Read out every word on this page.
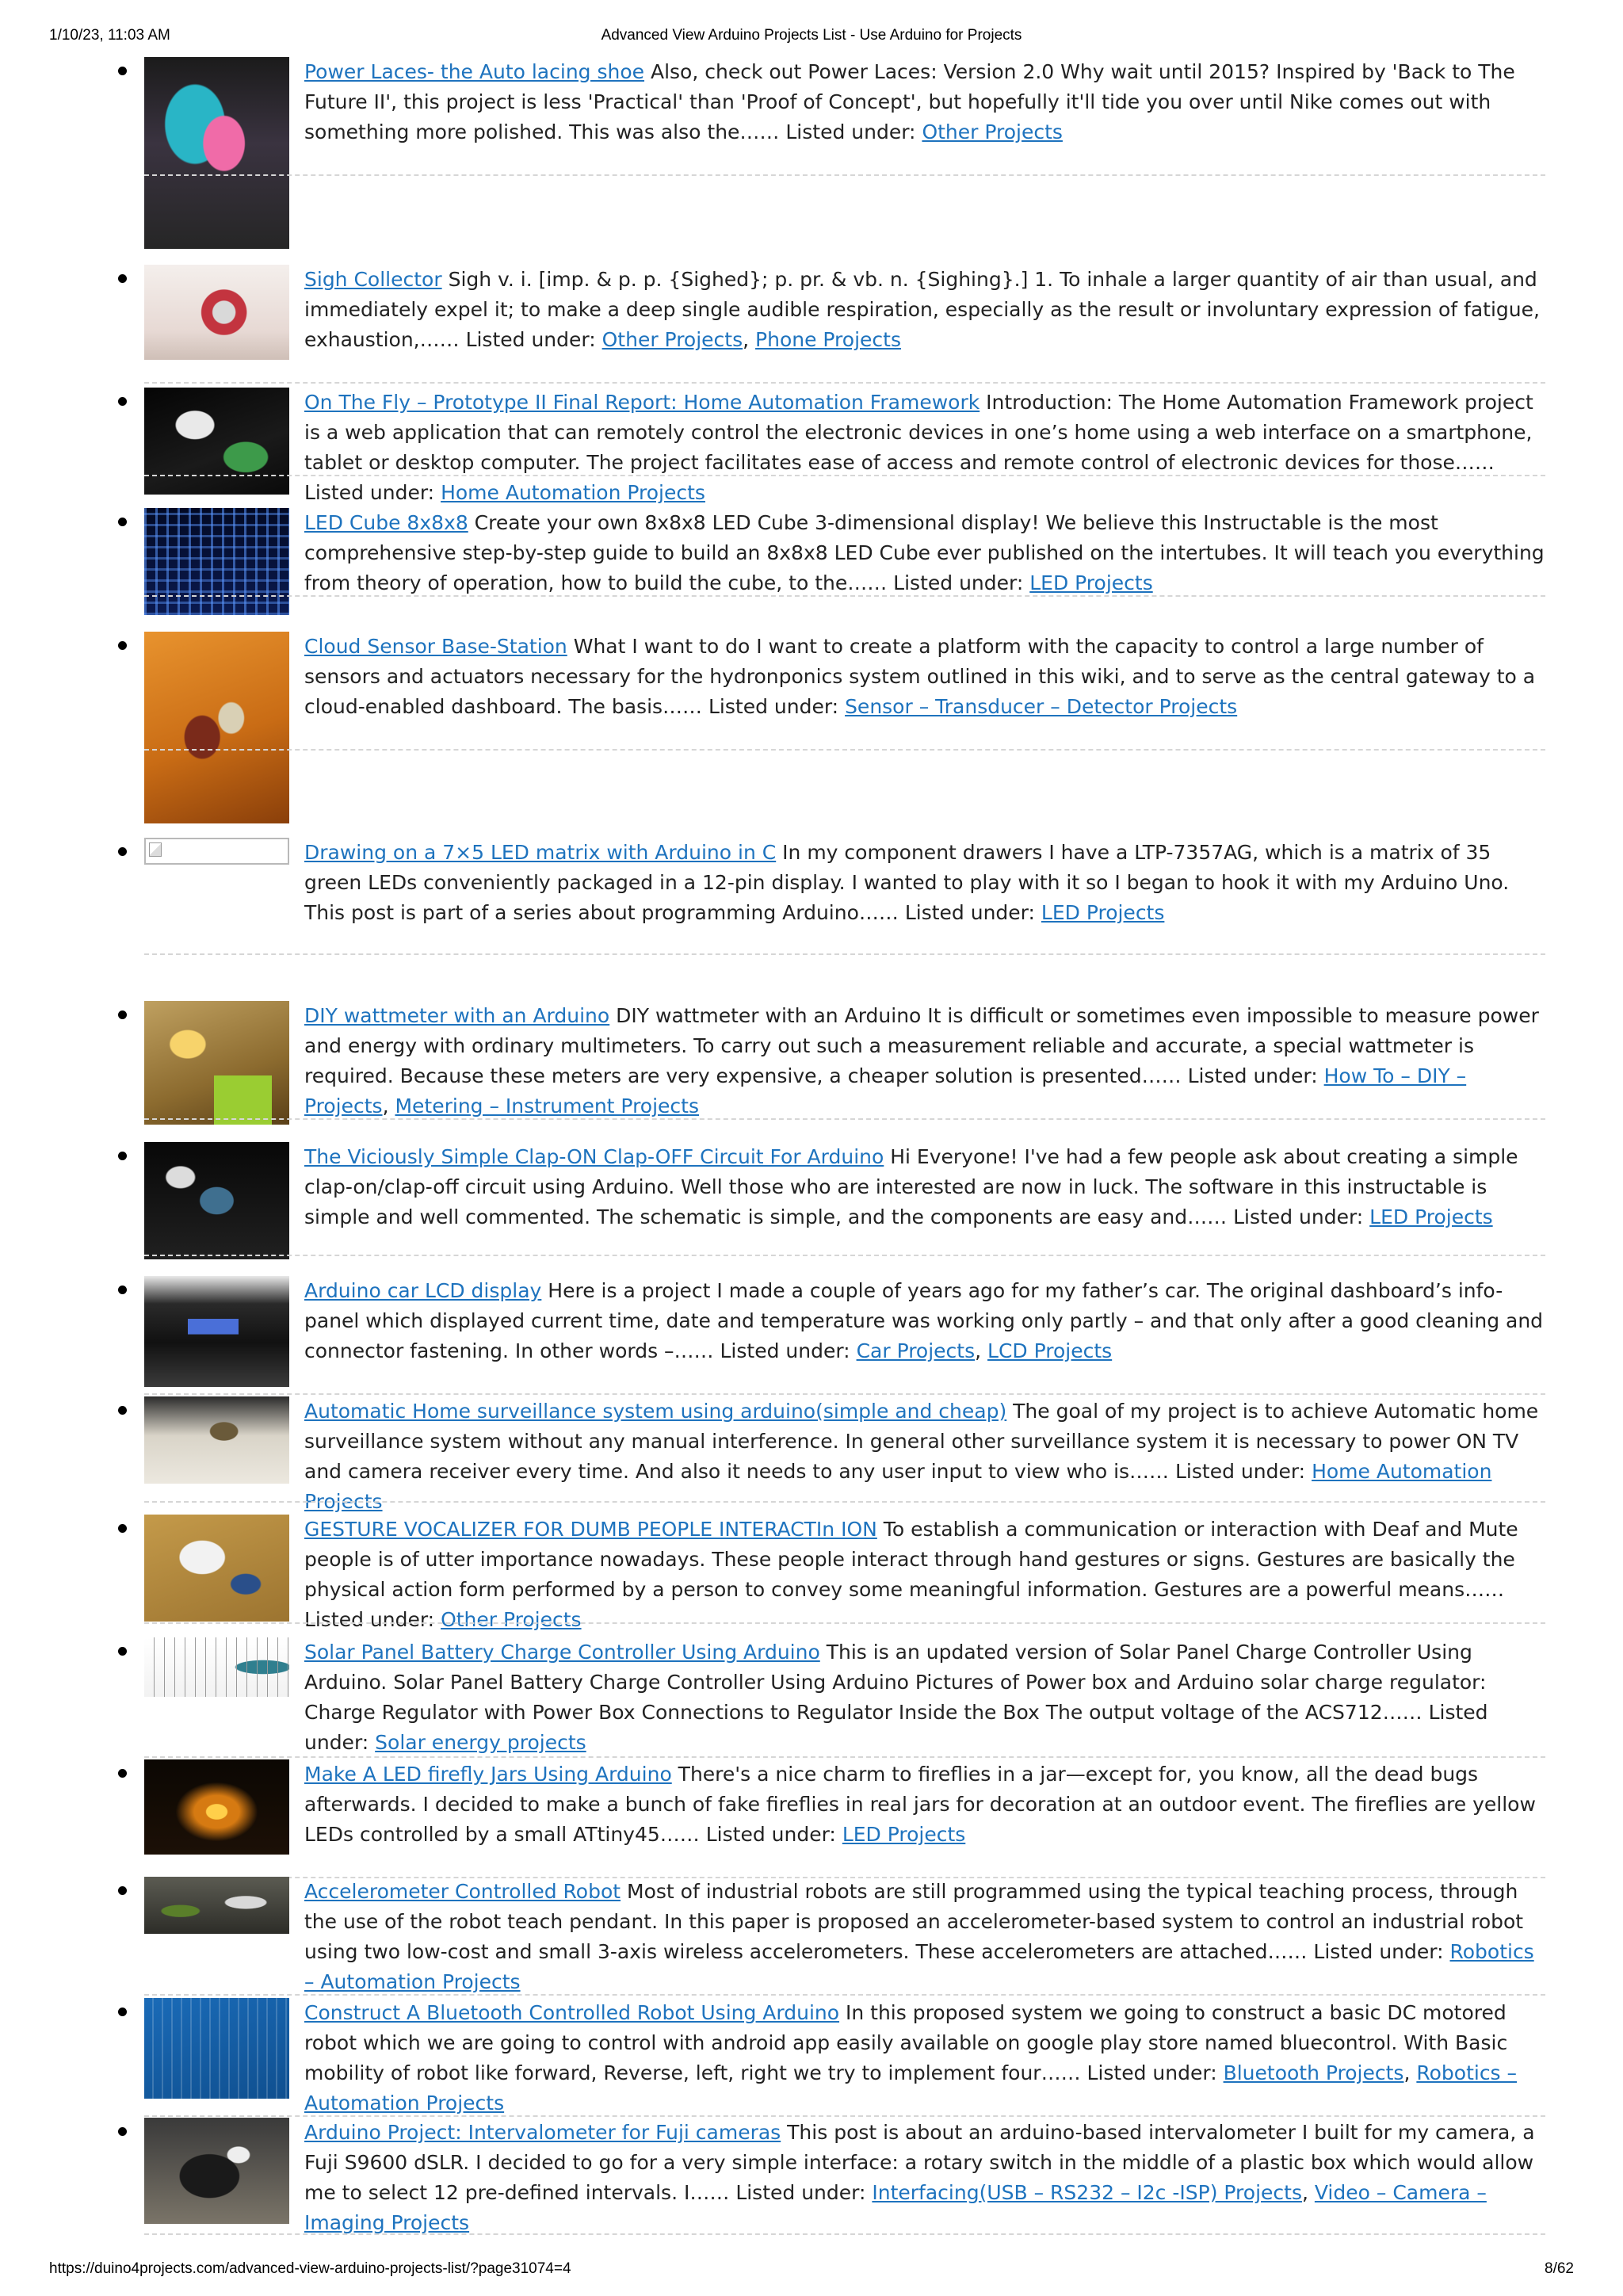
1/10/23, 11:03 AM	Advanced View Arduino Projects List - Use Arduino for Projects
Power Laces- the Auto lacing shoe Also, check out Power Laces: Version 2.0 Why wait until 2015? Inspired by 'Back to The Future II', this project is less 'Practical' than 'Proof of Concept', but hopefully it'll tide you over until Nike comes out with something more polished. This was also the…… Listed under: Other Projects
Sigh Collector Sigh v. i. [imp. & p. p. {Sighed}; p. pr. & vb. n. {Sighing}.] 1. To inhale a larger quantity of air than usual, and immediately expel it; to make a deep single audible respiration, especially as the result or involuntary expression of fatigue, exhaustion,…… Listed under: Other Projects, Phone Projects
On The Fly – Prototype II Final Report: Home Automation Framework Introduction: The Home Automation Framework project is a web application that can remotely control the electronic devices in one’s home using a web interface on a smartphone, tablet or desktop computer. The project facilitates ease of access and remote control of electronic devices for those…… Listed under: Home Automation Projects
LED Cube 8x8x8 Create your own 8x8x8 LED Cube 3-dimensional display! We believe this Instructable is the most comprehensive step-by-step guide to build an 8x8x8 LED Cube ever published on the intertubes. It will teach you everything from theory of operation, how to build the cube, to the…… Listed under: LED Projects
Cloud Sensor Base-Station What I want to do I want to create a platform with the capacity to control a large number of sensors and actuators necessary for the hydronponics system outlined in this wiki, and to serve as the central gateway to a cloud-enabled dashboard. The basis…… Listed under: Sensor – Transducer – Detector Projects
Drawing on a 7×5 LED matrix with Arduino in C In my component drawers I have a LTP-7357AG, which is a matrix of 35 green LEDs conveniently packaged in a 12-pin display. I wanted to play with it so I began to hook it with my Arduino Uno. This post is part of a series about programming Arduino…… Listed under: LED Projects
DIY wattmeter with an Arduino DIY wattmeter with an Arduino It is difficult or sometimes even impossible to measure power and energy with ordinary multimeters. To carry out such a measurement reliable and accurate, a special wattmeter is required. Because these meters are very expensive, a cheaper solution is presented…… Listed under: How To – DIY – Projects, Metering – Instrument Projects
The Viciously Simple Clap-ON Clap-OFF Circuit For Arduino Hi Everyone! I've had a few people ask about creating a simple clap-on/clap-off circuit using Arduino. Well those who are interested are now in luck. The software in this instructable is simple and well commented. The schematic is simple, and the components are easy and…… Listed under: LED Projects
Arduino car LCD display Here is a project I made a couple of years ago for my father’s car. The original dashboard’s info-panel which displayed current time, date and temperature was working only partly – and that only after a good cleaning and connector fastening. In other words –…… Listed under: Car Projects, LCD Projects
Automatic Home surveillance system using arduino(simple and cheap) The goal of my project is to achieve Automatic home surveillance system without any manual interference. In general other surveillance system it is necessary to power ON TV and camera receiver every time. And also it needs to any user input to view who is…… Listed under: Home Automation Projects
GESTURE VOCALIZER FOR DUMB PEOPLE INTERACTIn ION To establish a communication or interaction with Deaf and Mute people is of utter importance nowadays. These people interact through hand gestures or signs. Gestures are basically the physical action form performed by a person to convey some meaningful information. Gestures are a powerful means…… Listed under: Other Projects
Solar Panel Battery Charge Controller Using Arduino This is an updated version of Solar Panel Charge Controller Using Arduino. Solar Panel Battery Charge Controller Using Arduino Pictures of Power box and Arduino solar charge regulator: Charge Regulator with Power Box Connections to Regulator Inside the Box The output voltage of the ACS712…… Listed under: Solar energy projects
Make A LED firefly Jars Using Arduino There's a nice charm to fireflies in a jar—except for, you know, all the dead bugs afterwards. I decided to make a bunch of fake fireflies in real jars for decoration at an outdoor event. The fireflies are yellow LEDs controlled by a small ATtiny45…… Listed under: LED Projects
Accelerometer Controlled Robot Most of industrial robots are still programmed using the typical teaching process, through the use of the robot teach pendant. In this paper is proposed an accelerometer-based system to control an industrial robot using two low-cost and small 3-axis wireless accelerometers. These accelerometers are attached…… Listed under: Robotics – Automation Projects
Construct A Bluetooth Controlled Robot Using Arduino In this proposed system we going to construct a basic DC motored robot which we are going to control with android app easily available on google play store named bluecontrol. With Basic mobility of robot like forward, Reverse, left, right we try to implement four…… Listed under: Bluetooth Projects, Robotics – Automation Projects
Arduino Project: Intervalometer for Fuji cameras This post is about an arduino-based intervalometer I built for my camera, a Fuji S9600 dSLR. I decided to go for a very simple interface: a rotary switch in the middle of a plastic box which would allow me to select 12 pre-defined intervals. I…… Listed under: Interfacing(USB – RS232 – I2c -ISP) Projects, Video – Camera – Imaging Projects
https://duino4projects.com/advanced-view-arduino-projects-list/?page31074=4	8/62
